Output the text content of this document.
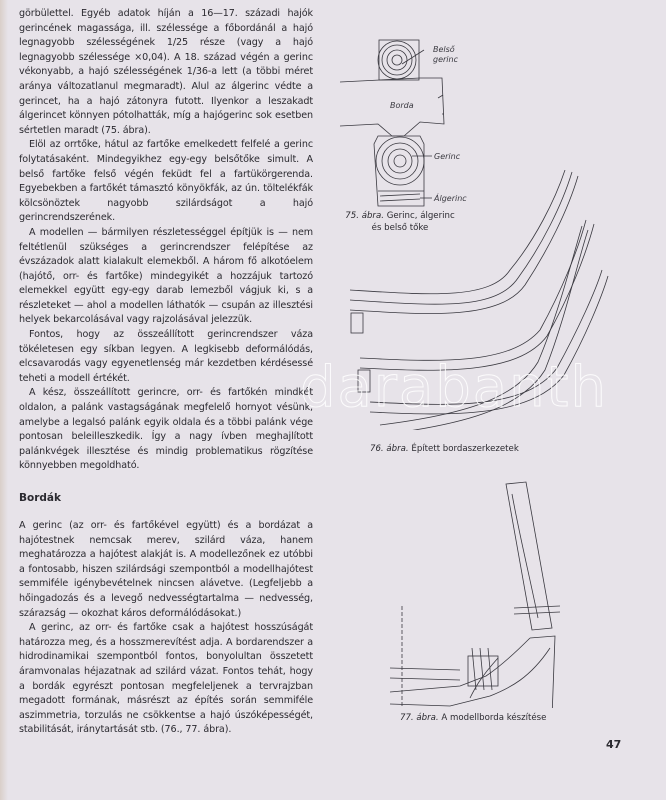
görbülettel. Egyéb adatok híján a 16—17. századi hajók gerincének magassága, ill. szélessége a főbordánál a hajó legnagyobb szélességének 1/25 része (vagy a hajó legnagyobb szélessége ×0,04). A 18. század végén a gerinc vékonyabb, a hajó szélességének 1/36-a lett (a többi méret aránya változatlanul megmaradt). Alul az álgerinc védte a gerincet, ha a hajó zátonyra futott. Ilyenkor a leszakadt álgerincet könnyen pótolhatták, míg a hajógerinc sok esetben sértetlen maradt (75. ábra).

Elöl az orrtőke, hátul az fartőke emelkedett felfelé a gerinc folytatásaként. Mindegyikhez egy-egy belsőtőke simult. A belső fartőke felső végén feküdt fel a fartükörgerenda. Egyebekben a fartőkét támasztó könyökfák, az ún. töltelékfák kölcsönöztek nagyobb szilárdságot a hajó gerincrendszerének.

A modellen — bármilyen részletességgel építjük is — nem feltétlenül szükséges a gerincrendszer felépítése az évszázadok alatt kialakult elemekből. A három fő alkotóelem (hajótő, orr- és fartőke) mindegyikét a hozzájuk tartozó elemekkel együtt egy-egy darab lemezből vágjuk ki, s a részleteket — ahol a modellen láthatók — csupán az illesztési helyek bekarcolásával vagy rajzolásával jelezzük.

Fontos, hogy az összeállított gerincrendszer váza tökéletesen egy síkban legyen. A legkisebb deformálódás, elcsavarodás vagy egyenetlenség már kezdetben kérdésessé teheti a modell értékét.

A kész, összeállított gerincre, orr- és fartőkén mindkét oldalon, a palánk vastagságának megfelelő hornyot vésünk, amelybe a legalsó palánk egyik oldala és a többi palánk vége pontosan beleilleszkedik. Így a nagy ívben meghajlított palánkvégek illesztése és mindig problematikus rögzítése könnyebben megoldható.

Bordák

A gerinc (az orr- és fartőkével együtt) és a bordázat a hajótestnek nemcsak merev, szilárd váza, hanem meghatározza a hajótest alakját is. A modellezőnek ez utóbbi a fontosabb, hiszen szilárdsági szempontból a modellhajótest semmiféle igénybevételnek nincsen alávetve. (Legfeljebb a hőingadozás és a levegő nedvességtartalma — nedvesség, szárazság — okozhat káros deformálódásokat.)

A gerinc, az orr- és fartőke csak a hajótest hosszúságát határozza meg, és a hosszmerevítést adja. A bordarendszer a hidrodinamikai szempontból fontos, bonyolultan összetett áramvonalas héjazatnak ad szilárd vázat. Fontos tehát, hogy a bordák egyrészt pontosan megfeleljenek a tervrajzban megadott formának, másrészt az építés során semmiféle aszimmetria, torzulás ne csökkentse a hajó úszóképességét, stabilitását, iránytartását stb. (76., 77. ábra).

Belső
gerinc
Borda
Gerinc
Álgerinc
75. ábra. Gerinc, álgerinc
és belső tőke
76. ábra. Épített bordaszerkezetek
77. ábra. A modellborda készítése
47
darabanth
